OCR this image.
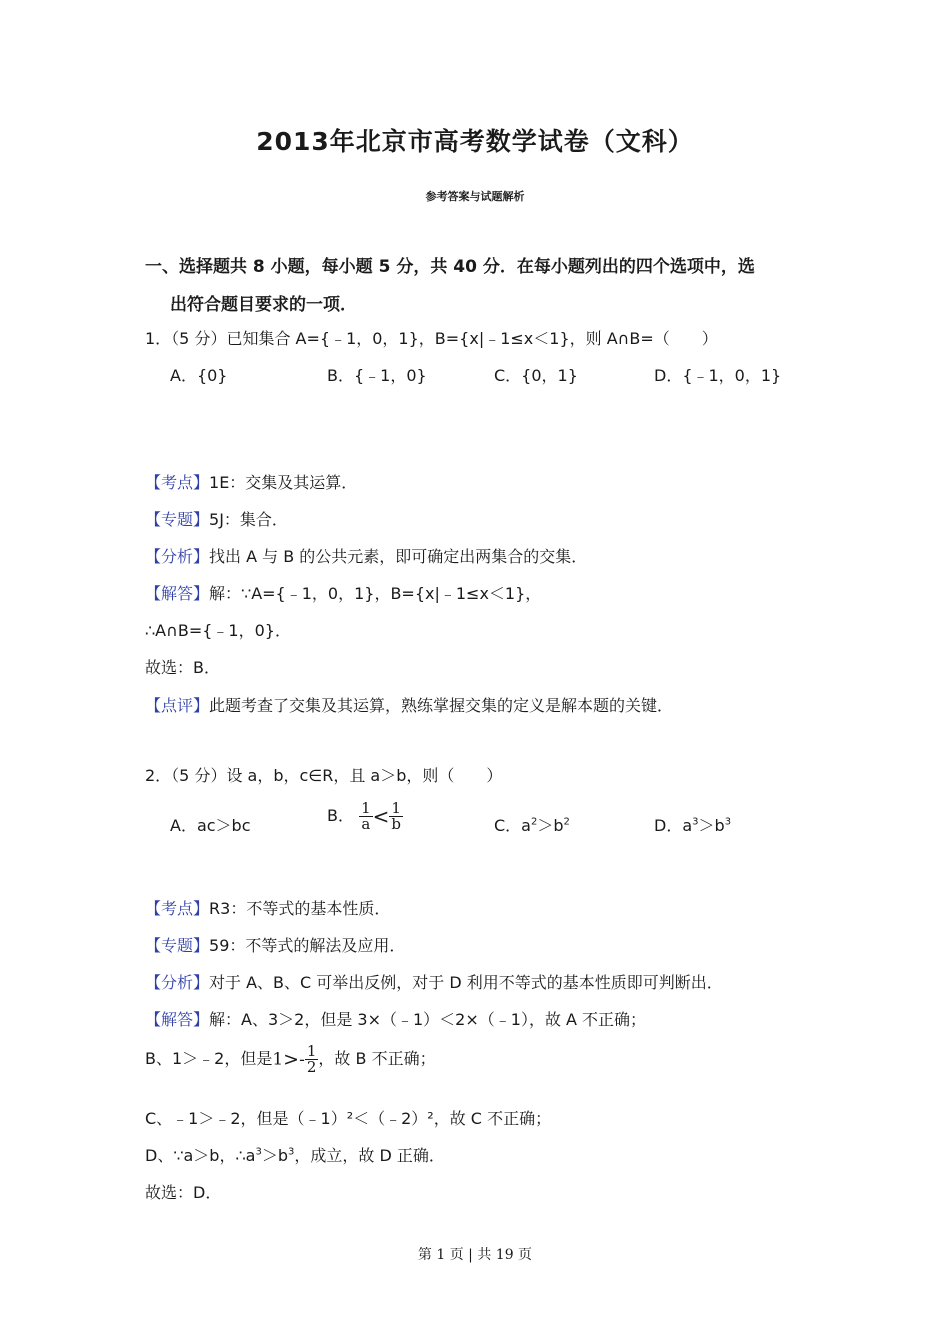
2013年北京市高考数学试卷（文科）
参考答案与试题解析
一、选择题共 8 小题，每小题 5 分，共 40 分．在每小题列出的四个选项中，选
出符合题目要求的一项．
1．（5 分）已知集合 A={﹣1，0，1}，B={x|﹣1≤x＜1}，则 A∩B=（　　）
A．{0}	B．{﹣1，0}	C．{0，1}	D．{﹣1，0，1}
【考点】1E：交集及其运算．
【专题】5J：集合．
【分析】找出 A 与 B 的公共元素，即可确定出两集合的交集．
【解答】解：∵A={﹣1，0，1}，B={x|﹣1≤x＜1}，
∴A∩B={﹣1，0}．
故选：B．
【点评】此题考查了交集及其运算，熟练掌握交集的定义是解本题的关键．
2．（5 分）设 a，b，c∈R，且 a＞b，则（　　）
A．ac＞bc
B． $\frac{1}{a} < \frac{1}{b}$	C．$a^2>b^2$	D．$a^3>b^3$
【考点】R3：不等式的基本性质．
【专题】59：不等式的解法及应用．
【分析】对于 A、B、C 可举出反例，对于 D 利用不等式的基本性质即可判断出．
【解答】解：A、3＞2，但是 3×（﹣1）＜2×（﹣1），故 A 不正确；
B、1＞﹣2，但是$1>- \frac{1}{2}$ ，故 B 不正确；
C、﹣1＞﹣2，但是（﹣1）²＜（﹣2）²，故 C 不正确；
D、∵a＞b，$\therefore a^3>b^3$，成立，故 D 正确．
故选：D．
第 1 页 | 共 19 页
